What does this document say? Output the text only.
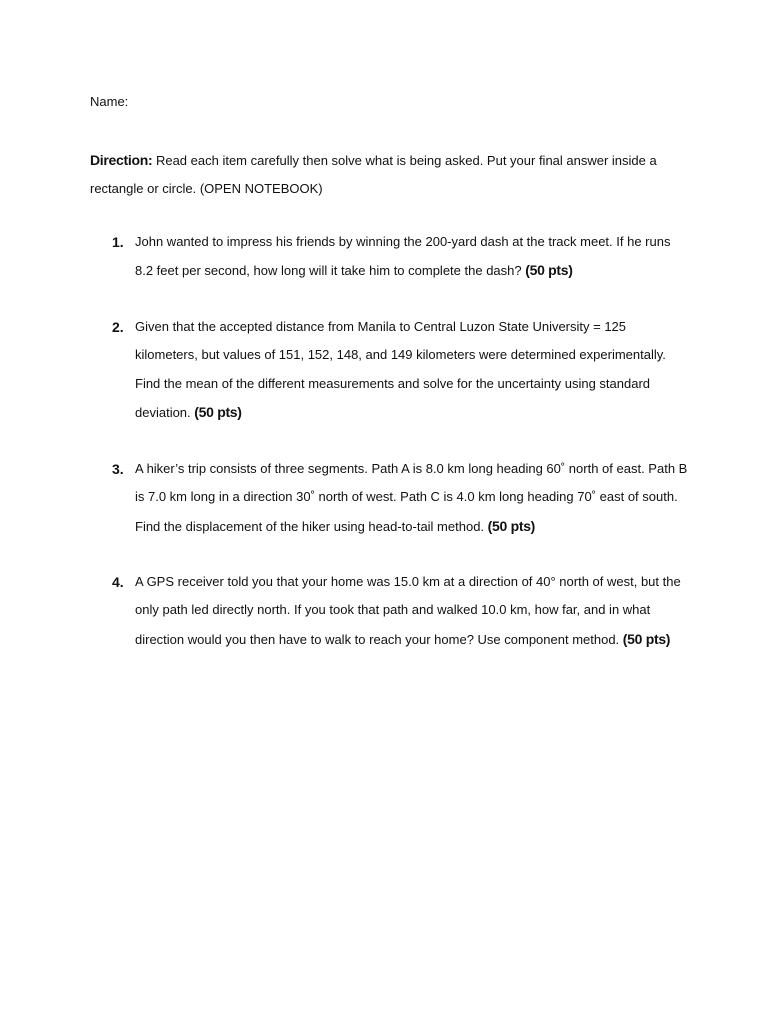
Name:
Direction: Read each item carefully then solve what is being asked. Put your final answer inside a rectangle or circle. (OPEN NOTEBOOK)
1. John wanted to impress his friends by winning the 200-yard dash at the track meet. If he runs 8.2 feet per second, how long will it take him to complete the dash? (50 pts)
2. Given that the accepted distance from Manila to Central Luzon State University = 125 kilometers, but values of 151, 152, 148, and 149 kilometers were determined experimentally. Find the mean of the different measurements and solve for the uncertainty using standard deviation. (50 pts)
3. A hiker’s trip consists of three segments. Path A is 8.0 km long heading 60˚ north of east. Path B is 7.0 km long in a direction 30˚ north of west. Path C is 4.0 km long heading 70˚ east of south. Find the displacement of the hiker using head-to-tail method. (50 pts)
4. A GPS receiver told you that your home was 15.0 km at a direction of 40° north of west, but the only path led directly north. If you took that path and walked 10.0 km, how far, and in what direction would you then have to walk to reach your home? Use component method. (50 pts)
